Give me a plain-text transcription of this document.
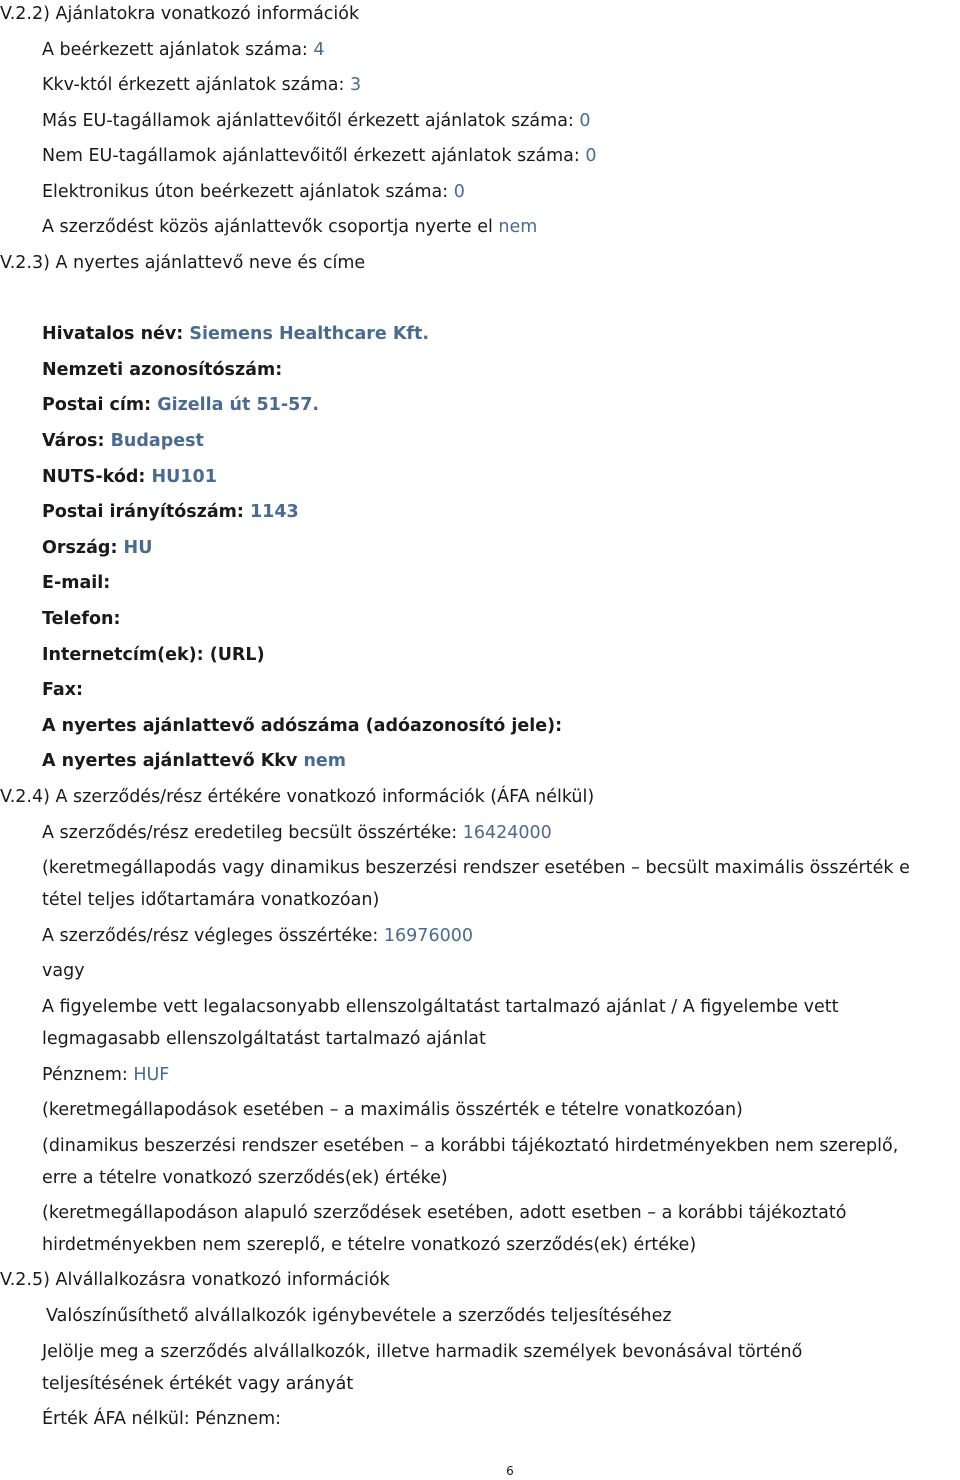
V.2.2) Ajánlatokra vonatkozó információk
A beérkezett ajánlatok száma: 4
Kkv-któl érkezett ajánlatok száma: 3
Más EU-tagállamok ajánlattevőitől érkezett ajánlatok száma: 0
Nem EU-tagállamok ajánlattevőitől érkezett ajánlatok száma: 0
Elektronikus úton beérkezett ajánlatok száma: 0
A szerződést közös ajánlattevők csoportja nyerte el nem
V.2.3) A nyertes ajánlattevő neve és címe
Hivatalos név: Siemens Healthcare Kft.
Nemzeti azonosítószám:
Postai cím: Gizella út 51-57.
Város: Budapest
NUTS-kód: HU101
Postai irányítószám: 1143
Ország: HU
E-mail:
Telefon:
Internetcím(ek): (URL)
Fax:
A nyertes ajánlattevő adószáma (adóazonosító jele):
A nyertes ajánlattevő Kkv nem
V.2.4) A szerződés/rész értékére vonatkozó információk (ÁFA nélkül)
A szerződés/rész eredetileg becsült összértéke: 16424000
(keretmegállapodás vagy dinamikus beszerzési rendszer esetében – becsült maximális összérték e
tétel teljes időtartamára vonatkozóan)
A szerződés/rész végleges összértéke: 16976000
vagy
A figyelembe vett legalacsonyabb ellenszolgáltatást tartalmazó ajánlat / A figyelembe vett
legmagasabb ellenszolgáltatást tartalmazó ajánlat
Pénznem: HUF
(keretmegállapodások esetében – a maximális összérték e tételre vonatkozóan)
(dinamikus beszerzési rendszer esetében – a korábbi tájékoztató hirdetményekben nem szereplő,
erre a tételre vonatkozó szerződés(ek) értéke)
(keretmegállapodáson alapuló szerződések esetében, adott esetben – a korábbi tájékoztató
hirdetményekben nem szereplő, e tételre vonatkozó szerződés(ek) értéke)
V.2.5) Alvállalkozásra vonatkozó információk
Valószínűsíthető alvállalkozók igénybevétele a szerződés teljesítéséhez
Jelölje meg a szerződés alvállalkozók, illetve harmadik személyek bevonásával történő
teljesítésének értékét vagy arányát
Érték ÁFA nélkül: Pénznem:
6
